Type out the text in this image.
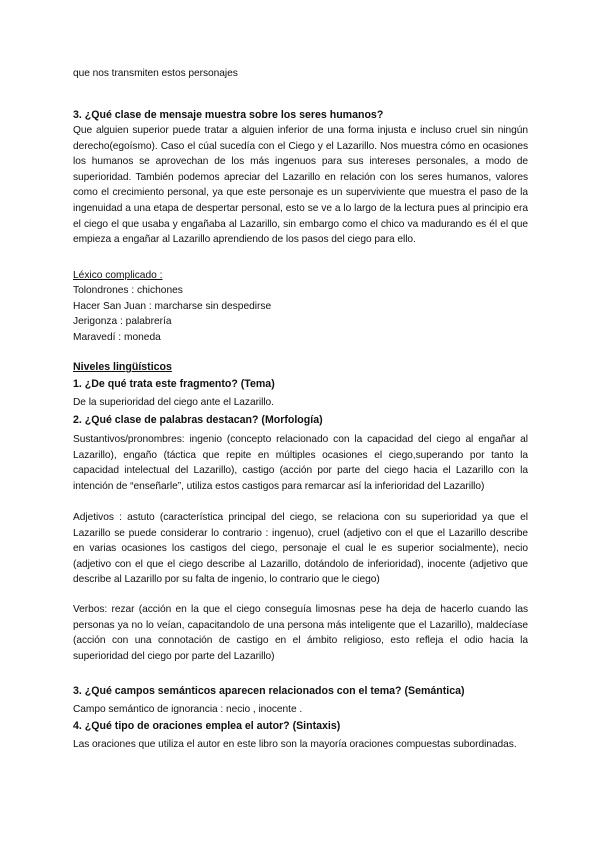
que nos transmiten estos personajes

3. ¿Qué clase de mensaje muestra sobre los seres humanos?

Que alguien superior puede tratar a alguien inferior de una forma injusta e incluso cruel sin ningún derecho(egoísmo). Caso el cúal sucedía con el Ciego y el Lazarillo. Nos muestra cómo en ocasiones los humanos se aprovechan de los más ingenuos para sus intereses personales, a modo de superioridad. También podemos apreciar del Lazarillo en relación con los seres humanos, valores como el crecimiento personal, ya que este personaje es un superviviente que muestra el paso de la ingenuidad a una etapa de despertar personal, esto se ve a lo largo de la lectura pues al principio era el ciego el que usaba y engañaba al Lazarillo, sin embargo como el chico va madurando es él el que empieza a engañar al Lazarillo aprendiendo de los pasos del ciego para ello.

Léxico complicado :
Tolondrones : chichones
Hacer San Juan : marcharse sin despedirse
Jerigonza : palabrería
Maravedí : moneda

Niveles lingüísticos

1. ¿De qué trata este fragmento? (Tema)

De la superioridad del ciego ante el Lazarillo.

2. ¿Qué clase de palabras destacan? (Morfología)

Sustantivos/pronombres: ingenio (concepto relacionado con la capacidad del ciego al engañar al Lazarillo), engaño (táctica que repite en múltiples ocasiones el ciego,superando por tanto la capacidad intelectual del Lazarillo), castigo (acción por parte del ciego hacia el Lazarillo con la intención de “enseñarle”, utiliza estos castigos para remarcar así la inferioridad del Lazarillo)

Adjetivos : astuto (característica principal del ciego, se relaciona con su superioridad ya que el Lazarillo se puede considerar lo contrario : ingenuo), cruel (adjetivo con el que el Lazarillo describe en varias ocasiones los castigos del ciego, personaje el cual le es superior socialmente), necio (adjetivo con el que el ciego describe al Lazarillo, dotándolo de inferioridad), inocente (adjetivo que describe al Lazarillo por su falta de ingenio, lo contrario que le ciego)

Verbos: rezar (acción en la que el ciego conseguía limosnas pese ha deja de hacerlo cuando las personas ya no lo veían, capacitandolo de una persona más inteligente que el Lazarillo), maldecíase (acción con una connotación de castigo en el ámbito religioso, esto refleja el odio hacia la superioridad del ciego por parte del Lazarillo)

3. ¿Qué campos semánticos aparecen relacionados con el tema? (Semántica)

Campo semántico de ignorancia : necio , inocente .

4. ¿Qué tipo de oraciones emplea el autor? (Sintaxis)

Las oraciones que utiliza el autor en este libro son la mayoría oraciones compuestas subordinadas.
